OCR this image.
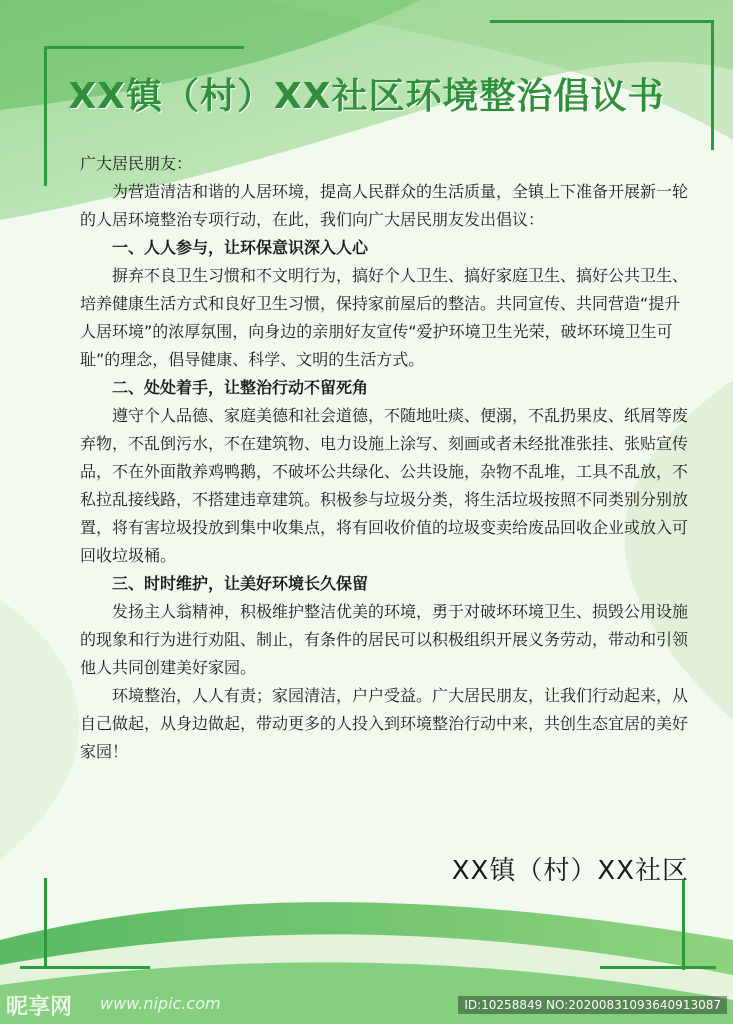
XX镇（村）XX社区环境整治倡议书

广大居民朋友：

为营造清洁和谐的人居环境，提高人民群众的生活质量，全镇上下准备开展新一轮的人居环境整治专项行动，在此，我们向广大居民朋友发出倡议：

一、人人参与，让环保意识深入人心

摒弃不良卫生习惯和不文明行为，搞好个人卫生、搞好家庭卫生、搞好公共卫生、培养健康生活方式和良好卫生习惯，保持家前屋后的整洁。共同宣传、共同营造“提升人居环境”的浓厚氛围，向身边的亲朋好友宣传“爱护环境卫生光荣，破坏环境卫生可耻”的理念，倡导健康、科学、文明的生活方式。

二、处处着手，让整治行动不留死角

遵守个人品德、家庭美德和社会道德，不随地吐痰、便溺，不乱扔果皮、纸屑等废弃物，不乱倒污水，不在建筑物、电力设施上涂写、刻画或者未经批准张挂、张贴宣传品，不在外面散养鸡鸭鹅，不破坏公共绿化、公共设施，杂物不乱堆，工具不乱放，不私拉乱接线路，不搭建违章建筑。积极参与垃圾分类，将生活垃圾按照不同类别分别放置，将有害垃圾投放到集中收集点，将有回收价值的垃圾变卖给废品回收企业或放入可回收垃圾桶。

三、时时维护，让美好环境长久保留

发扬主人翁精神，积极维护整洁优美的环境，勇于对破坏环境卫生、损毁公用设施的现象和行为进行劝阻、制止，有条件的居民可以积极组织开展义务劳动，带动和引领他人共同创建美好家园。

环境整治，人人有责；家园清洁，户户受益。广大居民朋友，让我们行动起来，从自己做起，从身边做起，带动更多的人投入到环境整治行动中来，共创生态宜居的美好家园！

XX镇（村）XX社区
昵享网 www.nipic.com	ID:10258849 NO:20200831093640913087
